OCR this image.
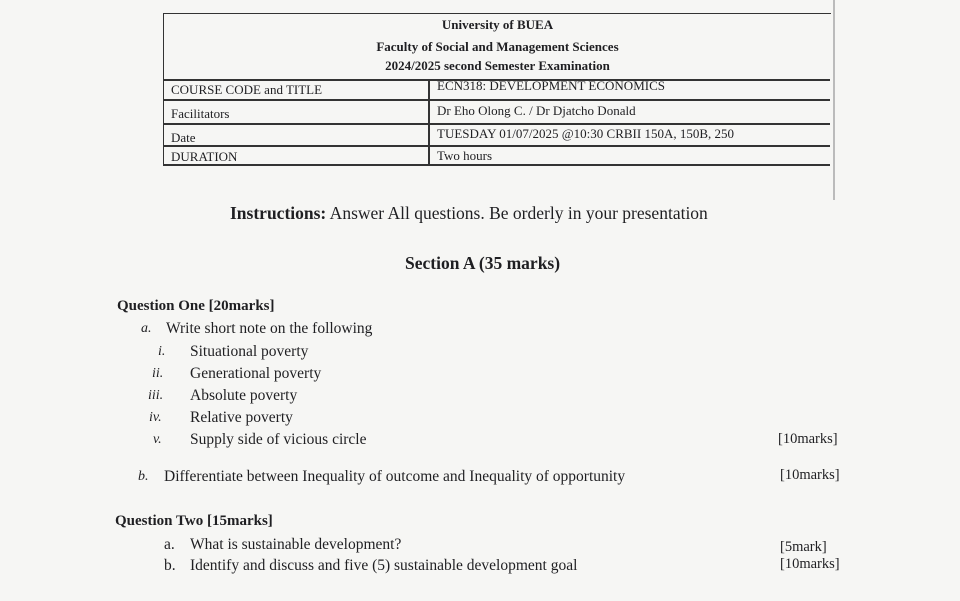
University of BUEA
Faculty of Social and Management Sciences
2024/2025 second Semester Examination
COURSE CODE and TITLE	ECN318: DEVELOPMENT ECONOMICS
Facilitators	Dr Eho Olong C. / Dr Djatcho Donald
Date	TUESDAY 01/07/2025 @10:30 CRBII 150A, 150B, 250
DURATION	Two hours
Instructions: Answer All questions. Be orderly in your presentation
Section A (35 marks)
Question One [20marks]
a. Write short note on the following
i. Situational poverty
ii. Generational poverty
iii. Absolute poverty
iv. Relative poverty
v. Supply side of vicious circle	[10marks]
b. Differentiate between Inequality of outcome and Inequality of opportunity	[10marks]
Question Two [15marks]
a. What is sustainable development?	[5mark]
b. Identify and discuss and five (5) sustainable development goal	[10marks]
